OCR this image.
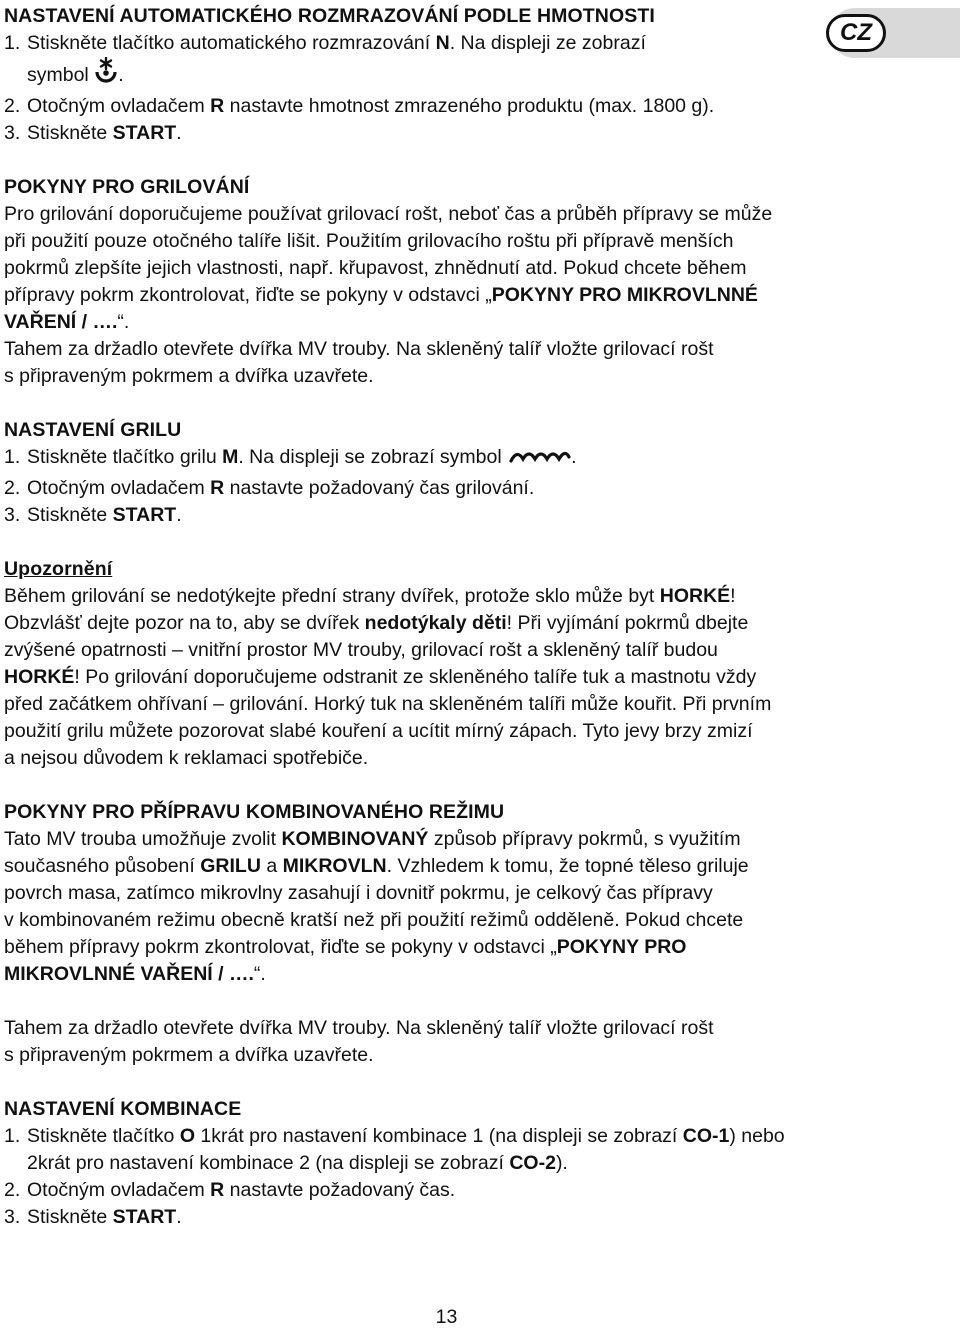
CZ

NASTAVENÍ AUTOMATICKÉHO ROZMRAZOVÁNÍ PODLE HMOTNOSTI

1. Stiskněte tlačítko automatického rozmrazování N. Na displeji ze zobrazí
symbol .
2. Otočným ovladačem R nastavte hmotnost zmrazeného produktu (max. 1800 g).
3. Stiskněte START.

POKYNY PRO GRILOVÁNÍ

Pro grilování doporučujeme používat grilovací rošt, neboť čas a průběh přípravy se může

při použití pouze otočného talíře lišit. Použitím grilovacího roštu při přípravě menších

pokrmů zlepšíte jejich vlastnosti, např. křupavost, zhnědnutí atd. Pokud chcete během

přípravy pokrm zkontrolovat, řiďte se pokyny v odstavci „POKYNY PRO MIKROVLNNÉ

VAŘENÍ / ….“.

Tahem za držadlo otevřete dvířka MV trouby. Na skleněný talíř vložte grilovací rošt

s připraveným pokrmem a dvířka uzavřete.

NASTAVENÍ GRILU

1. Stiskněte tlačítko grilu M. Na displeji se zobrazí symbol	.
2. Otočným ovladačem R nastavte požadovaný čas grilování.
3. Stiskněte START.

Upozornění

Během grilování se nedotýkejte přední strany dvířek, protože sklo může byt HORKÉ!

Obzvlášť dejte pozor na to, aby se dvířek nedotýkaly děti! Při vyjímání pokrmů dbejte

zvýšené opatrnosti – vnitřní prostor MV trouby, grilovací rošt a skleněný talíř budou

HORKÉ! Po grilování doporučujeme odstranit ze skleněného talíře tuk a mastnotu vždy

před začátkem ohřívaní – grilování. Horký tuk na skleněném talíři může kouřit. Při prvním

použití grilu můžete pozorovat slabé kouření a ucítit mírný zápach. Tyto jevy brzy zmizí

a nejsou důvodem k reklamaci spotřebiče.

POKYNY PRO PŘÍPRAVU KOMBINOVANÉHO REŽIMU

Tato MV trouba umožňuje zvolit KOMBINOVANÝ způsob přípravy pokrmů, s využitím

současného působení GRILU a MIKROVLN. Vzhledem k tomu, že topné těleso griluje

povrch masa, zatímco mikrovlny zasahují i dovnitř pokrmu, je celkový čas přípravy

v kombinovaném režimu obecně kratší než při použití režimů odděleně. Pokud chcete

během přípravy pokrm zkontrolovat, řiďte se pokyny v odstavci „POKYNY PRO

MIKROVLNNÉ VAŘENÍ / ….“.

Tahem za držadlo otevřete dvířka MV trouby. Na skleněný talíř vložte grilovací rošt

s připraveným pokrmem a dvířka uzavřete.

NASTAVENÍ KOMBINACE

1. Stiskněte tlačítko O 1krát pro nastavení kombinace 1 (na displeji se zobrazí CO-1) nebo
2krát pro nastavení kombinace 2 (na displeji se zobrazí CO-2).
2. Otočným ovladačem R nastavte požadovaný čas.
3. Stiskněte START.
13
